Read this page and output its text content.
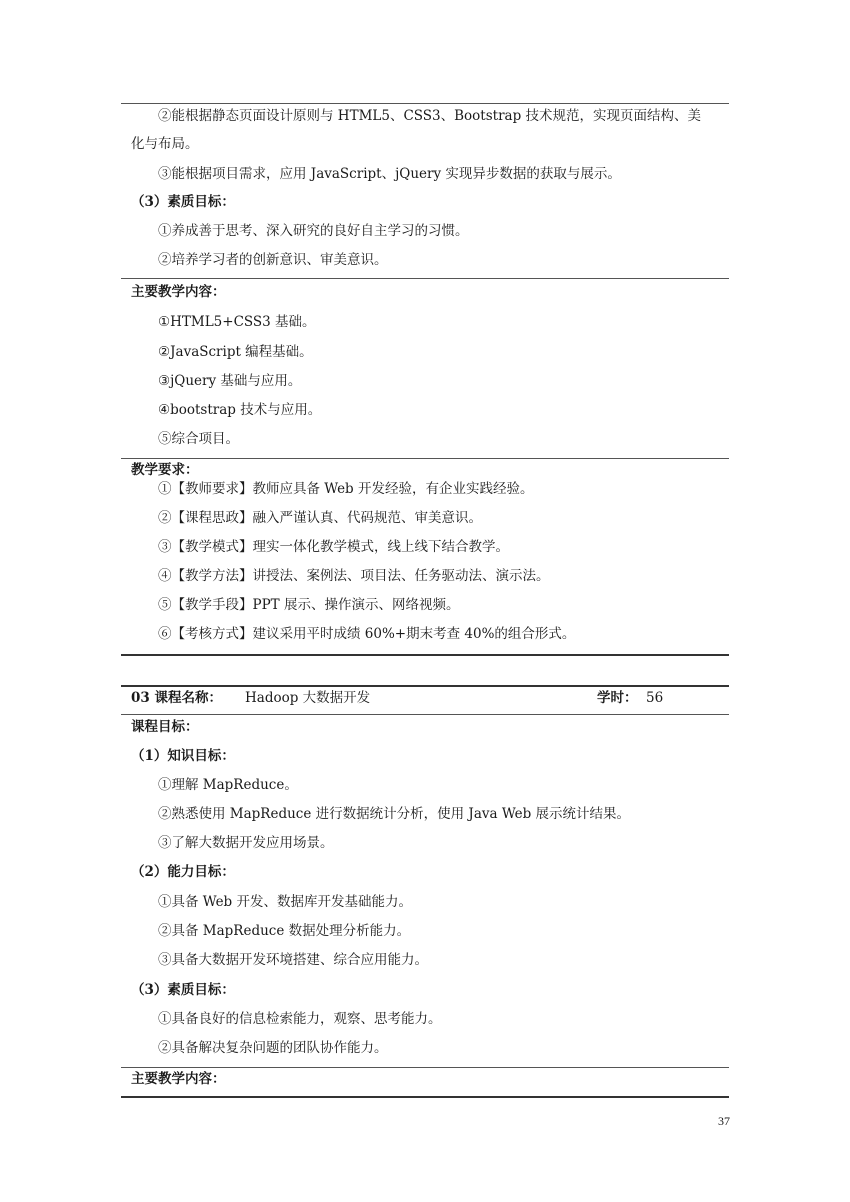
②能根据静态页面设计原则与 HTML5、CSS3、Bootstrap 技术规范，实现页面结构、美
化与布局。
③能根据项目需求，应用 JavaScript、jQuery 实现异步数据的获取与展示。
（3）素质目标：
①养成善于思考、深入研究的良好自主学习的习惯。
②培养学习者的创新意识、审美意识。
主要教学内容：
①HTML5+CSS3 基础。
②JavaScript 编程基础。
③jQuery 基础与应用。
④bootstrap 技术与应用。
⑤综合项目。
教学要求：
①【教师要求】教师应具备 Web 开发经验，有企业实践经验。
②【课程思政】融入严谨认真、代码规范、审美意识。
③【教学模式】理实一体化教学模式，线上线下结合教学。
④【教学方法】讲授法、案例法、项目法、任务驱动法、演示法。
⑤【教学手段】PPT 展示、操作演示、网络视频。
⑥【考核方式】建议采用平时成绩 60%+期末考查 40%的组合形式。
03 课程名称： Hadoop 大数据开发	学时： 56
课程目标：
（1）知识目标：
①理解 MapReduce。
②熟悉使用 MapReduce 进行数据统计分析，使用 Java Web 展示统计结果。
③了解大数据开发应用场景。
（2）能力目标：
①具备 Web 开发、数据库开发基础能力。
②具备 MapReduce 数据处理分析能力。
③具备大数据开发环境搭建、综合应用能力。
（3）素质目标：
①具备良好的信息检索能力，观察、思考能力。
②具备解决复杂问题的团队协作能力。
主要教学内容：
37
